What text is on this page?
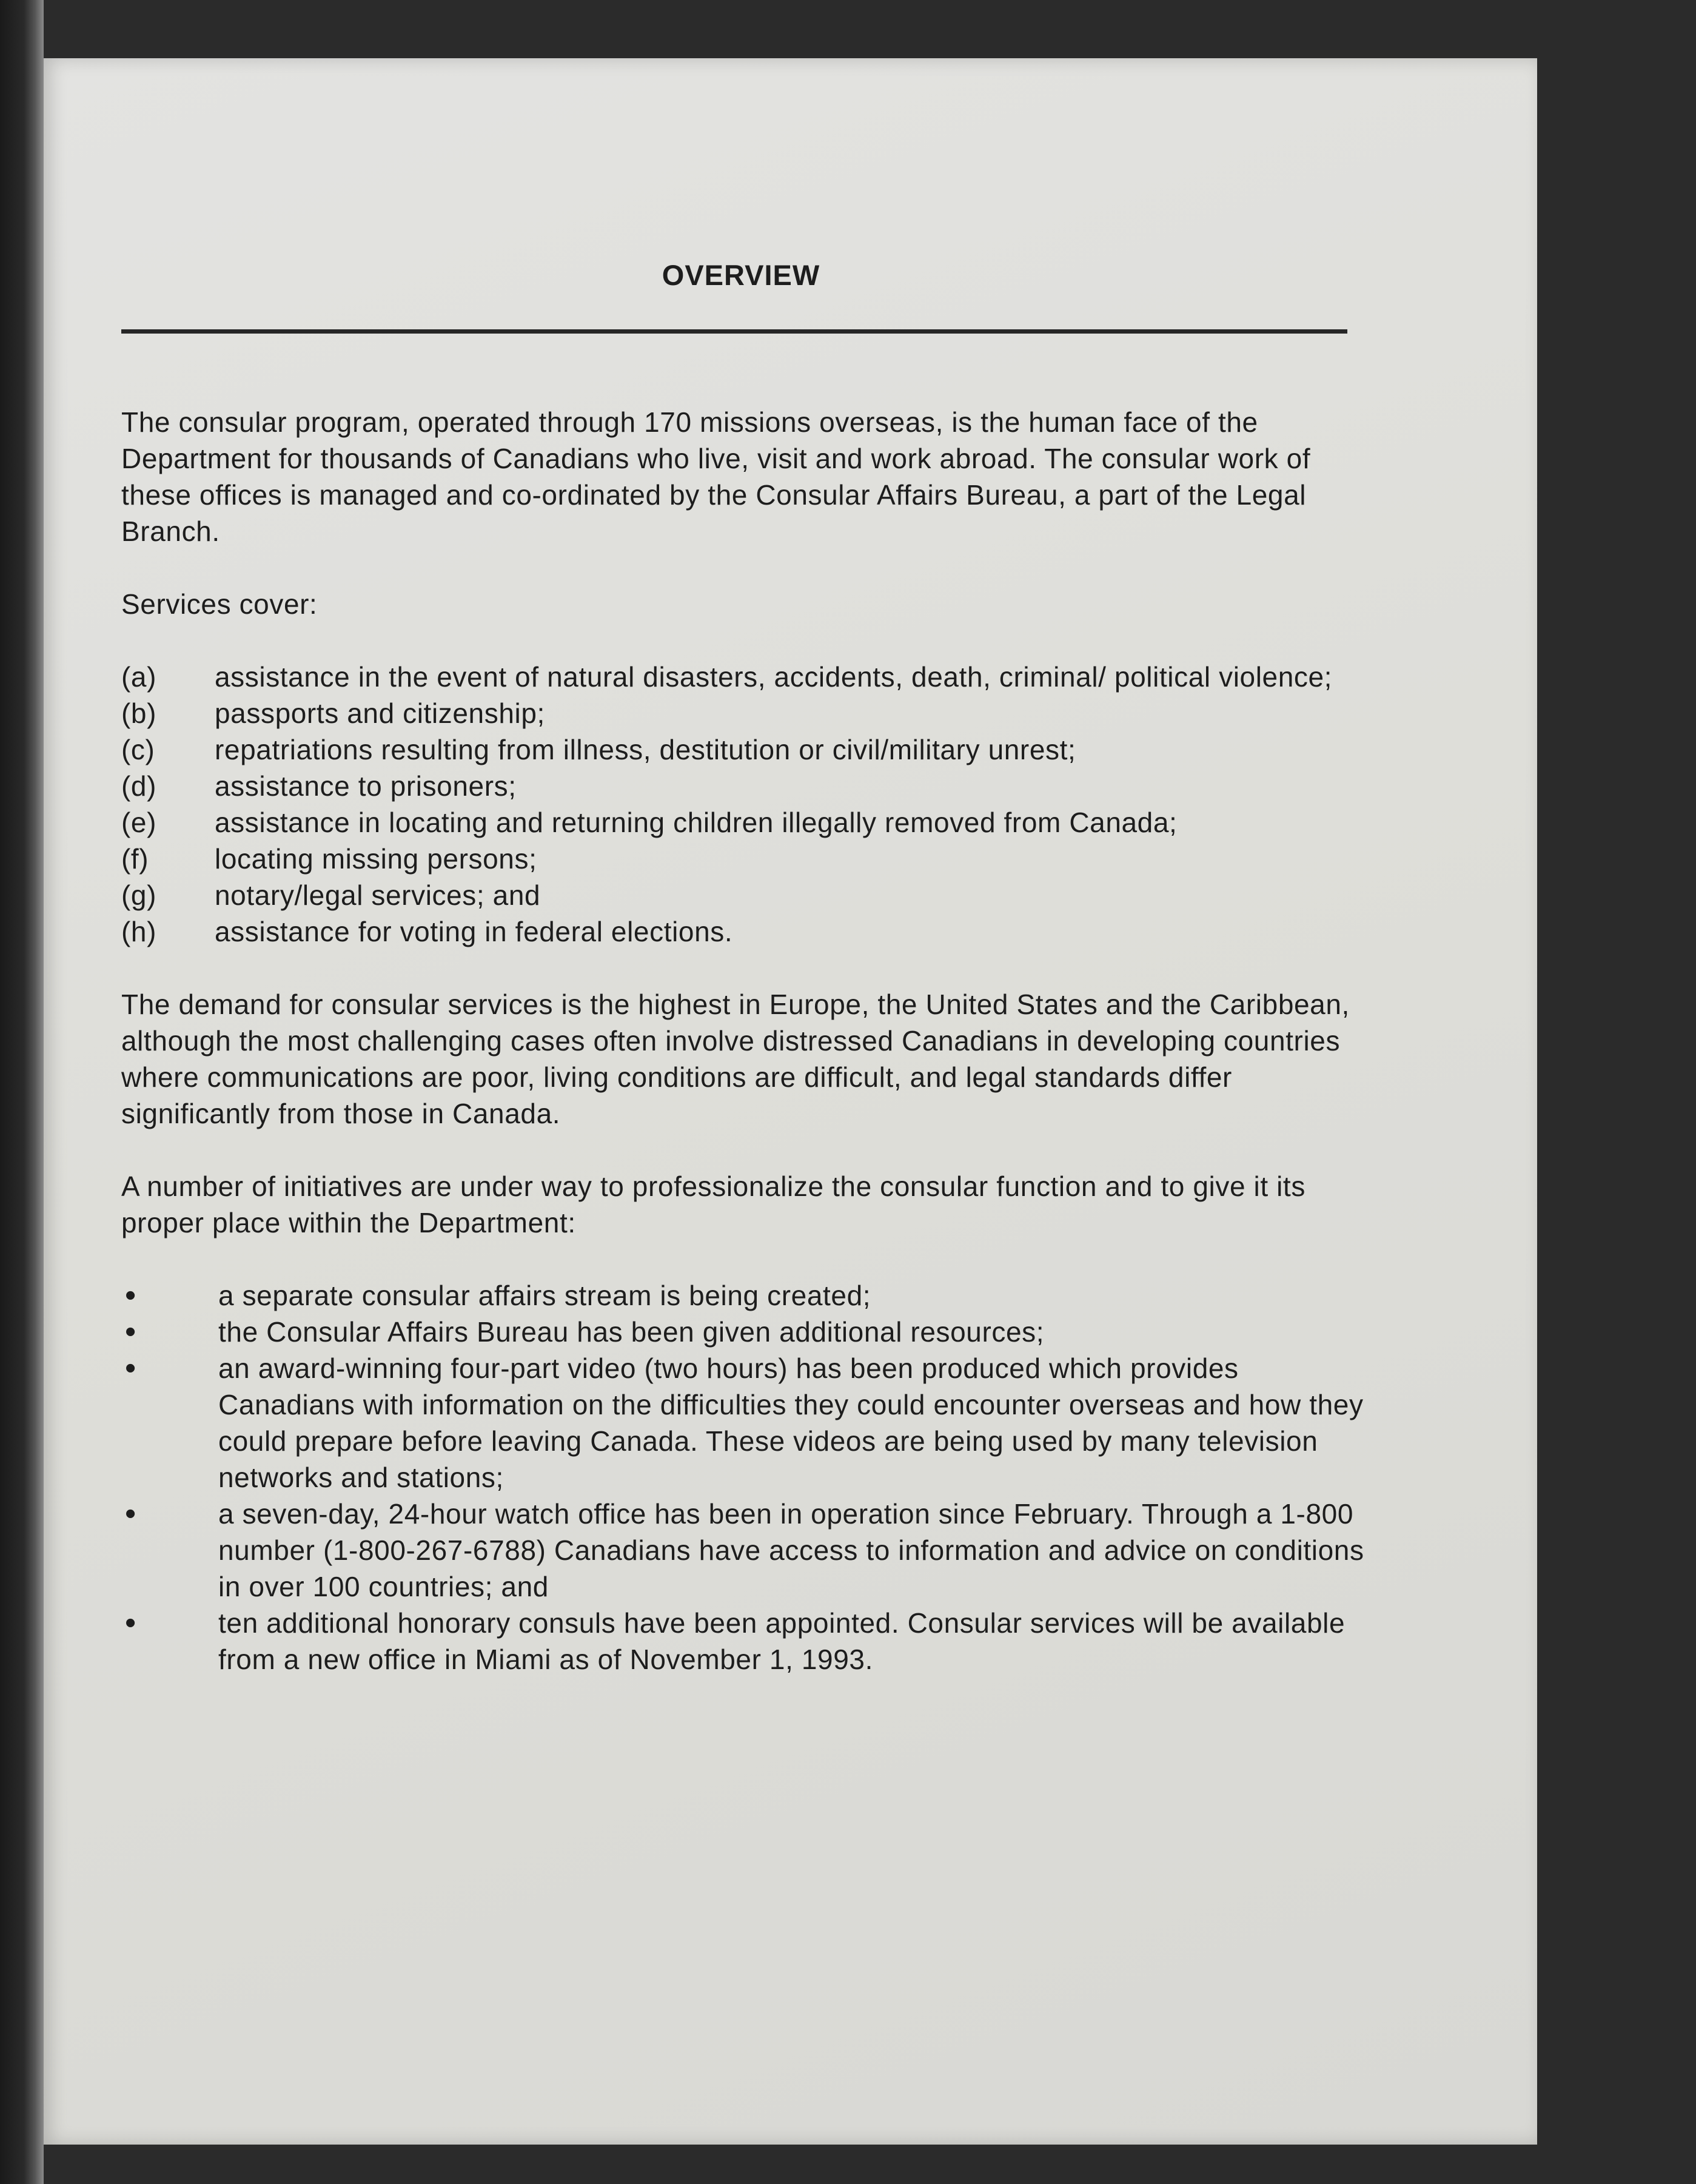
OVERVIEW

The consular program, operated through 170 missions overseas, is the human face of the Department for thousands of Canadians who live, visit and work abroad. The consular work of these offices is managed and co-ordinated by the Consular Affairs Bureau, a part of the Legal Branch.

Services cover:

(a)	assistance in the event of natural disasters, accidents, death, criminal/ political violence;
(b)	passports and citizenship;
(c)	repatriations resulting from illness, destitution or civil/military unrest;
(d)	assistance to prisoners;
(e)	assistance in locating and returning children illegally removed from Canada;
(f)	locating missing persons;
(g)	notary/legal services; and
(h)	assistance for voting in federal elections.

The demand for consular services is the highest in Europe, the United States and the Caribbean, although the most challenging cases often involve distressed Canadians in developing countries where communications are poor, living conditions are difficult, and legal standards differ significantly from those in Canada.

A number of initiatives are under way to professionalize the consular function and to give it its proper place within the Department:

•	a separate consular affairs stream is being created;
•	the Consular Affairs Bureau has been given additional resources;
•	an award-winning four-part video (two hours) has been produced which provides Canadians with information on the difficulties they could encounter overseas and how they could prepare before leaving Canada. These videos are being used by many television networks and stations;
•	a seven-day, 24-hour watch office has been in operation since February. Through a 1-800 number (1-800-267-6788) Canadians have access to information and advice on conditions in over 100 countries; and
•	ten additional honorary consuls have been appointed. Consular services will be available from a new office in Miami as of November 1, 1993.
